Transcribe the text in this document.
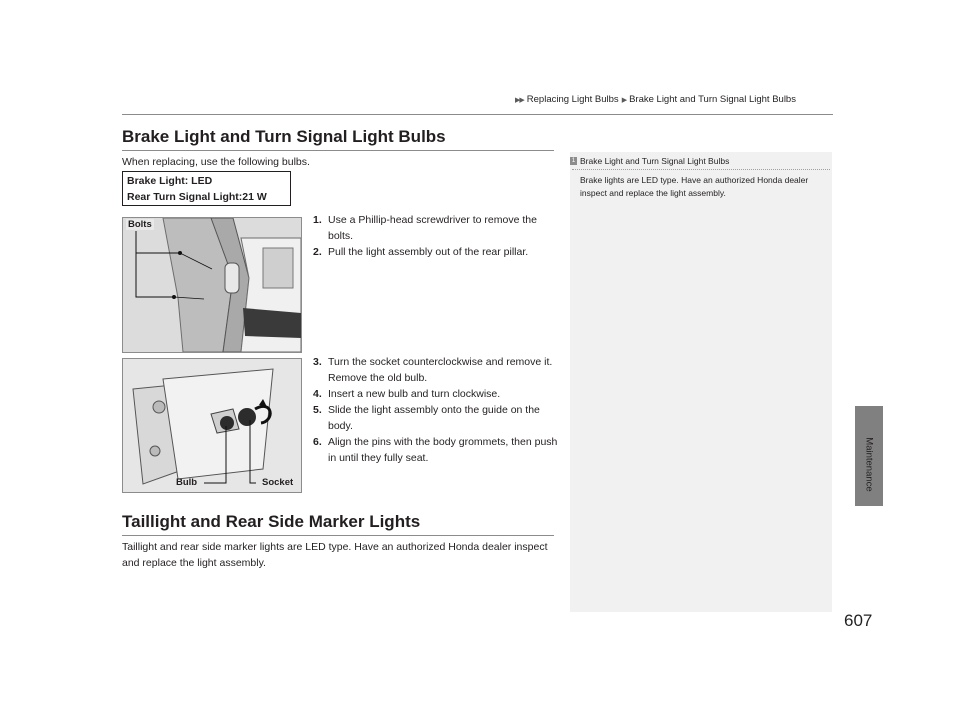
▶▶ Replacing Light Bulbs ▶ Brake Light and Turn Signal Light Bulbs
Brake Light and Turn Signal Light Bulbs
When replacing, use the following bulbs.
Brake Light: LED
Rear Turn Signal Light:21 W
Bolts
Bulb	Socket
1. Use a Phillip-head screwdriver to remove the bolts.
2. Pull the light assembly out of the rear pillar.
3. Turn the socket counterclockwise and remove it. Remove the old bulb.
4. Insert a new bulb and turn clockwise.
5. Slide the light assembly onto the guide on the body.
6. Align the pins with the body grommets, then push in until they fully seat.
Taillight and Rear Side Marker Lights
Taillight and rear side marker lights are LED type. Have an authorized Honda dealer inspect and replace the light assembly.
1 Brake Light and Turn Signal Light Bulbs
Brake lights are LED type. Have an authorized Honda dealer inspect and replace the light assembly.
Maintenance
607
